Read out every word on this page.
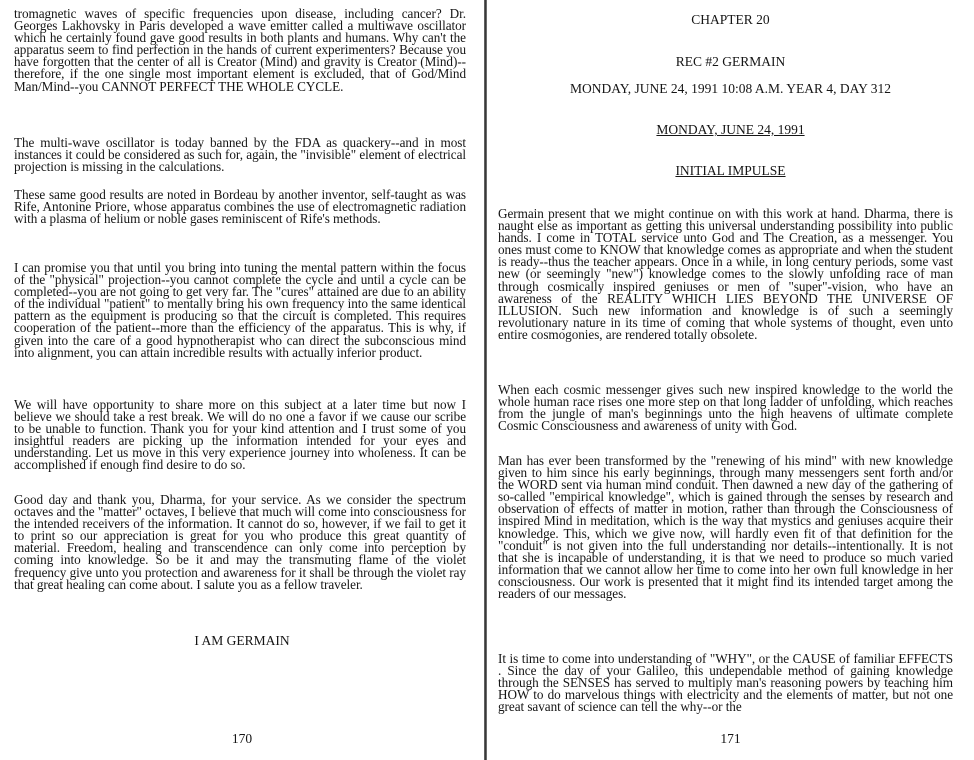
tromagnetic waves of specific frequencies upon disease, including cancer? Dr. Georges Lakhovsky in Paris developed a wave emitter called a multiwave oscillator which he certainly found gave good results in both plants and humans. Why can't the apparatus seem to find perfection in the hands of current experimenters? Because you have forgotten that the center of all is Creator (Mind) and gravity is Creator (Mind)--therefore, if the one single most important element is excluded, that of God/Mind Man/Mind--you CANNOT PERFECT THE WHOLE CYCLE.

The multi-wave oscillator is today banned by the FDA as quackery--and in most instances it could be considered as such for, again, the "invisible" element of electrical projection is missing in the calculations.

These same good results are noted in Bordeau by another inventor, self-taught as was Rife, Antonine Priore, whose apparatus combines the use of electromagnetic radiation with a plasma of helium or noble gases reminiscent of Rife's methods.

I can promise you that until you bring into tuning the mental pattern within the focus of the "physical" projection--you cannot complete the cycle and until a cycle can be completed--you are not going to get very far. The "cures" attained are due to an ability of the individual "patient" to mentally bring his own frequency into the same identical pattern as the equipment is producing so that the circuit is completed. This requires cooperation of the patient--more than the efficiency of the apparatus. This is why, if given into the care of a good hypnotherapist who can direct the subconscious mind into alignment, you can attain incredible results with actually inferior product.

We will have opportunity to share more on this subject at a later time but now I believe we should take a rest break. We will do no one a favor if we cause our scribe to be unable to function. Thank you for your kind attention and I trust some of you insightful readers are picking up the information intended for your eyes and understanding. Let us move in this very experience journey into wholeness. It can be accomplished if enough find desire to do so.

Good day and thank you, Dharma, for your service. As we consider the spectrum octaves and the "matter" octaves, I believe that much will come into consciousness for the intended receivers of the information. It cannot do so, however, if we fail to get it to print so our appreciation is great for you who produce this great quantity of material. Freedom, healing and transcendence can only come into perception by coming into knowledge. So be it and may the transmuting flame of the violet frequency give unto you protection and awareness for it shall be through the violet ray that great healing can come about. I salute you as a fellow traveler.

I AM GERMAIN
170
CHAPTER 20
REC #2 GERMAIN
MONDAY, JUNE 24, 1991 10:08 A.M. YEAR 4, DAY 312
MONDAY, JUNE 24, 1991
INITIAL IMPULSE

Germain present that we might continue on with this work at hand. Dharma, there is naught else as important as getting this universal understanding possibility into public hands. I come in TOTAL service unto God and The Creation, as a messenger. You ones must come to KNOW that knowledge comes as appropriate and when the student is ready--thus the teacher appears. Once in a while, in long century periods, some vast new (or seemingly "new") knowledge comes to the slowly unfolding race of man through cosmically inspired geniuses or men of "super"-vision, who have an awareness of the REALITY WHICH LIES BEYOND THE UNIVERSE OF ILLUSION. Such new information and knowledge is of such a seemingly revolutionary nature in its time of coming that whole systems of thought, even unto entire cosmogonies, are rendered totally obsolete.

When each cosmic messenger gives such new inspired knowledge to the world the whole human race rises one more step on that long ladder of unfolding, which reaches from the jungle of man's beginnings unto the high heavens of ultimate complete Cosmic Consciousness and awareness of unity with God.

Man has ever been transformed by the "renewing of his mind" with new knowledge given to him since his early beginnings, through many messengers sent forth and/or the WORD sent via human mind conduit. Then dawned a new day of the gathering of so-called "empirical knowledge", which is gained through the senses by research and observation of effects of matter in motion, rather than through the Consciousness of inspired Mind in meditation, which is the way that mystics and geniuses acquire their knowledge. This, which we give now, will hardly even fit of that definition for the "conduit" is not given into the full understanding nor details--intentionally. It is not that she is incapable of understanding, it is that we need to produce so much varied information that we cannot allow her time to come into her own full knowledge in her consciousness. Our work is presented that it might find its intended target among the readers of our messages.

It is time to come into understanding of "WHY", or the CAUSE of familiar EFFECTS . Since the day of your Galileo, this undependable method of gaining knowledge through the SENSES has served to multiply man's reasoning powers by teaching him HOW to do marvelous things with electricity and the elements of matter, but not one great savant of science can tell the why--or the

171
